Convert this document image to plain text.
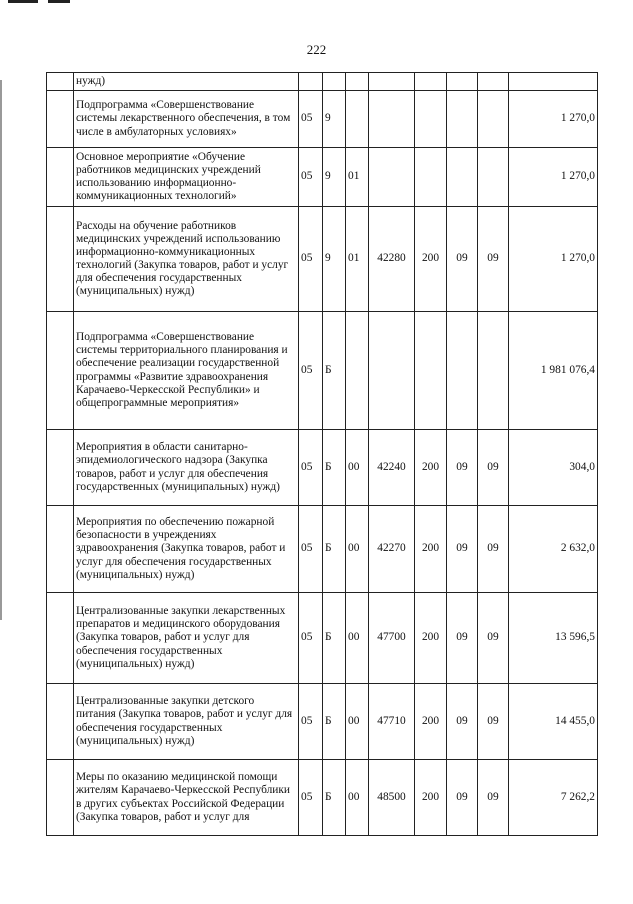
222
	нужд)								
	Подпрограмма «Совершенствование системы лекарственного обеспечения, в том числе в амбулаторных условиях»	05	9						1 270,0
	Основное мероприятие «Обучение работников медицинских учреждений использованию информационно-коммуникационных технологий»	05	9	01					1 270,0
	Расходы на обучение работников медицинских учреждений использованию информационно-коммуникационных технологий (Закупка товаров, работ и услуг для обеспечения государственных (муниципальных) нужд)	05	9	01	42280	200	09	09	1 270,0
	Подпрограмма «Совершенствование системы территориального планирования и обеспечение реализации государственной программы «Развитие здравоохранения Карачаево-Черкесской Республики» и общепрограммные мероприятия»	05	Б						1 981 076,4
	Мероприятия в области санитарно-эпидемиологического надзора (Закупка товаров, работ и услуг для обеспечения государственных (муниципальных) нужд)	05	Б	00	42240	200	09	09	304,0
	Мероприятия по обеспечению пожарной безопасности в учреждениях здравоохранения (Закупка товаров, работ и услуг для обеспечения государственных (муниципальных) нужд)	05	Б	00	42270	200	09	09	2 632,0
	Централизованные закупки лекарственных препаратов и медицинского оборудования (Закупка товаров, работ и услуг для обеспечения государственных (муниципальных) нужд)	05	Б	00	47700	200	09	09	13 596,5
	Централизованные закупки детского питания (Закупка товаров, работ и услуг для обеспечения государственных (муниципальных) нужд)	05	Б	00	47710	200	09	09	14 455,0
	Меры по оказанию медицинской помощи жителям Карачаево-Черкесской Республики в других субъектах Российской Федерации (Закупка товаров, работ и услуг для	05	Б	00	48500	200	09	09	7 262,2
